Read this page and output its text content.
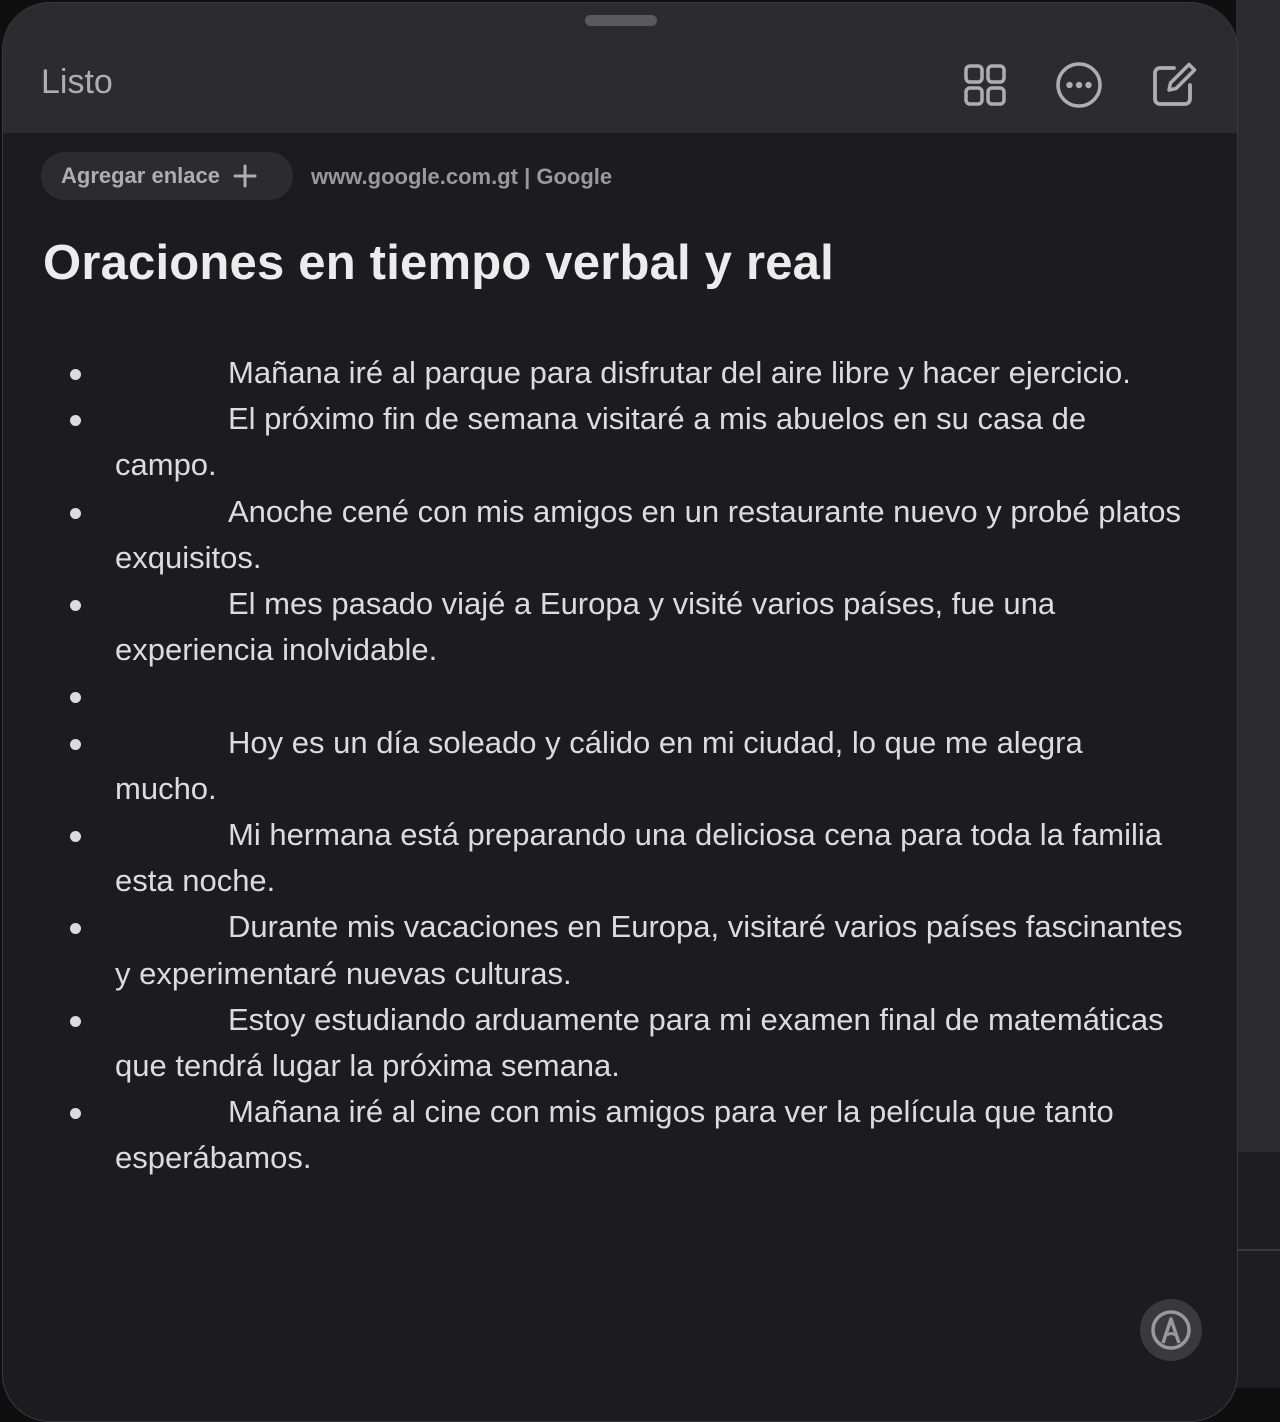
Listo
Agregar enlace	www.google.com.gt | Google
Oraciones en tiempo verbal y real
Mañana iré al parque para disfrutar del aire libre y hacer ejercicio.
El próximo fin de semana visitaré a mis abuelos en su casa de campo.
Anoche cené con mis amigos en un restaurante nuevo y probé platos exquisitos.
El mes pasado viajé a Europa y visité varios países, fue una experiencia inolvidable.
Hoy es un día soleado y cálido en mi ciudad, lo que me alegra mucho.
Mi hermana está preparando una deliciosa cena para toda la familia esta noche.
Durante mis vacaciones en Europa, visitaré varios países fascinantes y experimentaré nuevas culturas.
Estoy estudiando arduamente para mi examen final de matemáticas que tendrá lugar la próxima semana.
Mañana iré al cine con mis amigos para ver la película que tanto esperábamos.
